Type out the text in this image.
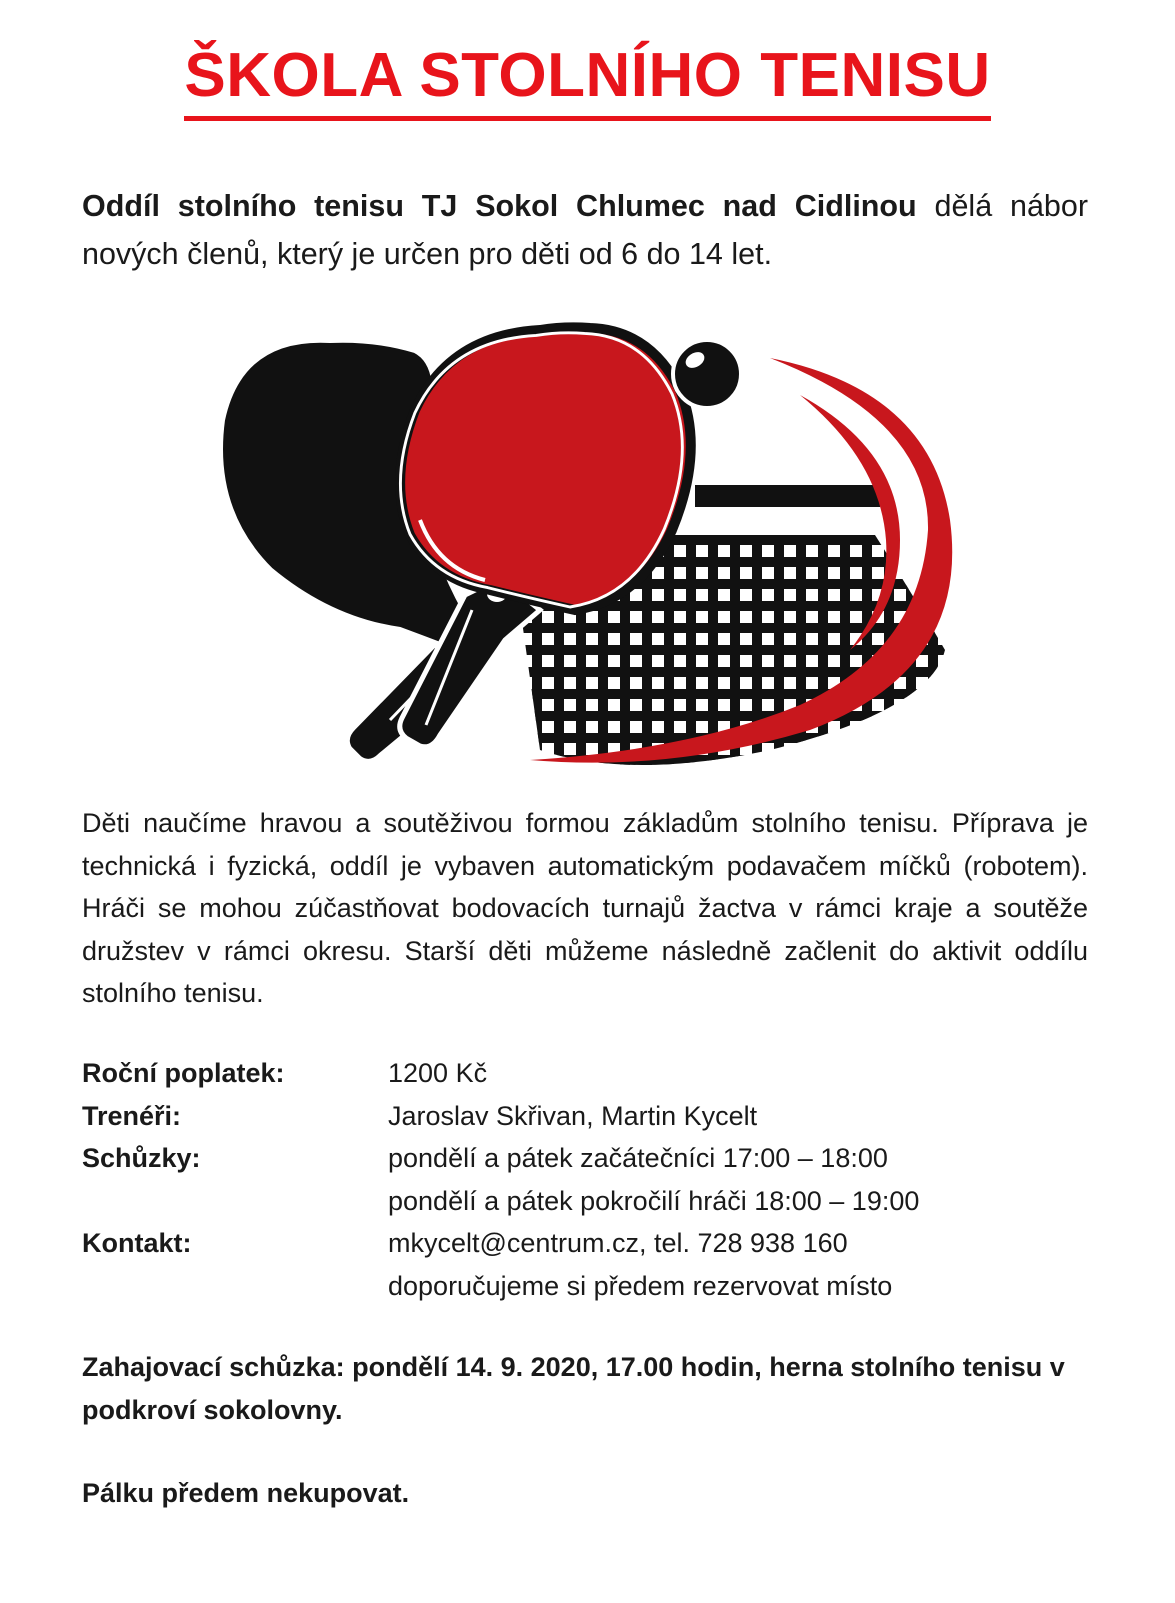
ŠKOLA STOLNÍHO TENISU
Oddíl stolního tenisu TJ Sokol Chlumec nad Cidlinou dělá nábor nových členů, který je určen pro děti od 6 do 14 let.
Děti naučíme hravou a soutěživou formou základům stolního tenisu. Příprava je technická i fyzická, oddíl je vybaven automatickým podavačem míčků (robotem). Hráči se mohou zúčastňovat bodovacích turnajů žactva v rámci kraje a soutěže družstev v rámci okresu. Starší děti můžeme následně začlenit do aktivit oddílu stolního tenisu.
Roční poplatek:	1200 Kč
Trenéři:	Jaroslav Skřivan, Martin Kycelt
Schůzky:	pondělí a pátek začátečníci 17:00 – 18:00
pondělí a pátek pokročilí hráči 18:00 – 19:00
Kontakt:	mkycelt@centrum.cz, tel. 728 938 160
doporučujeme si předem rezervovat místo
Zahajovací schůzka: pondělí 14. 9. 2020, 17.00 hodin, herna stolního tenisu v podkroví sokolovny.
Pálku předem nekupovat.
